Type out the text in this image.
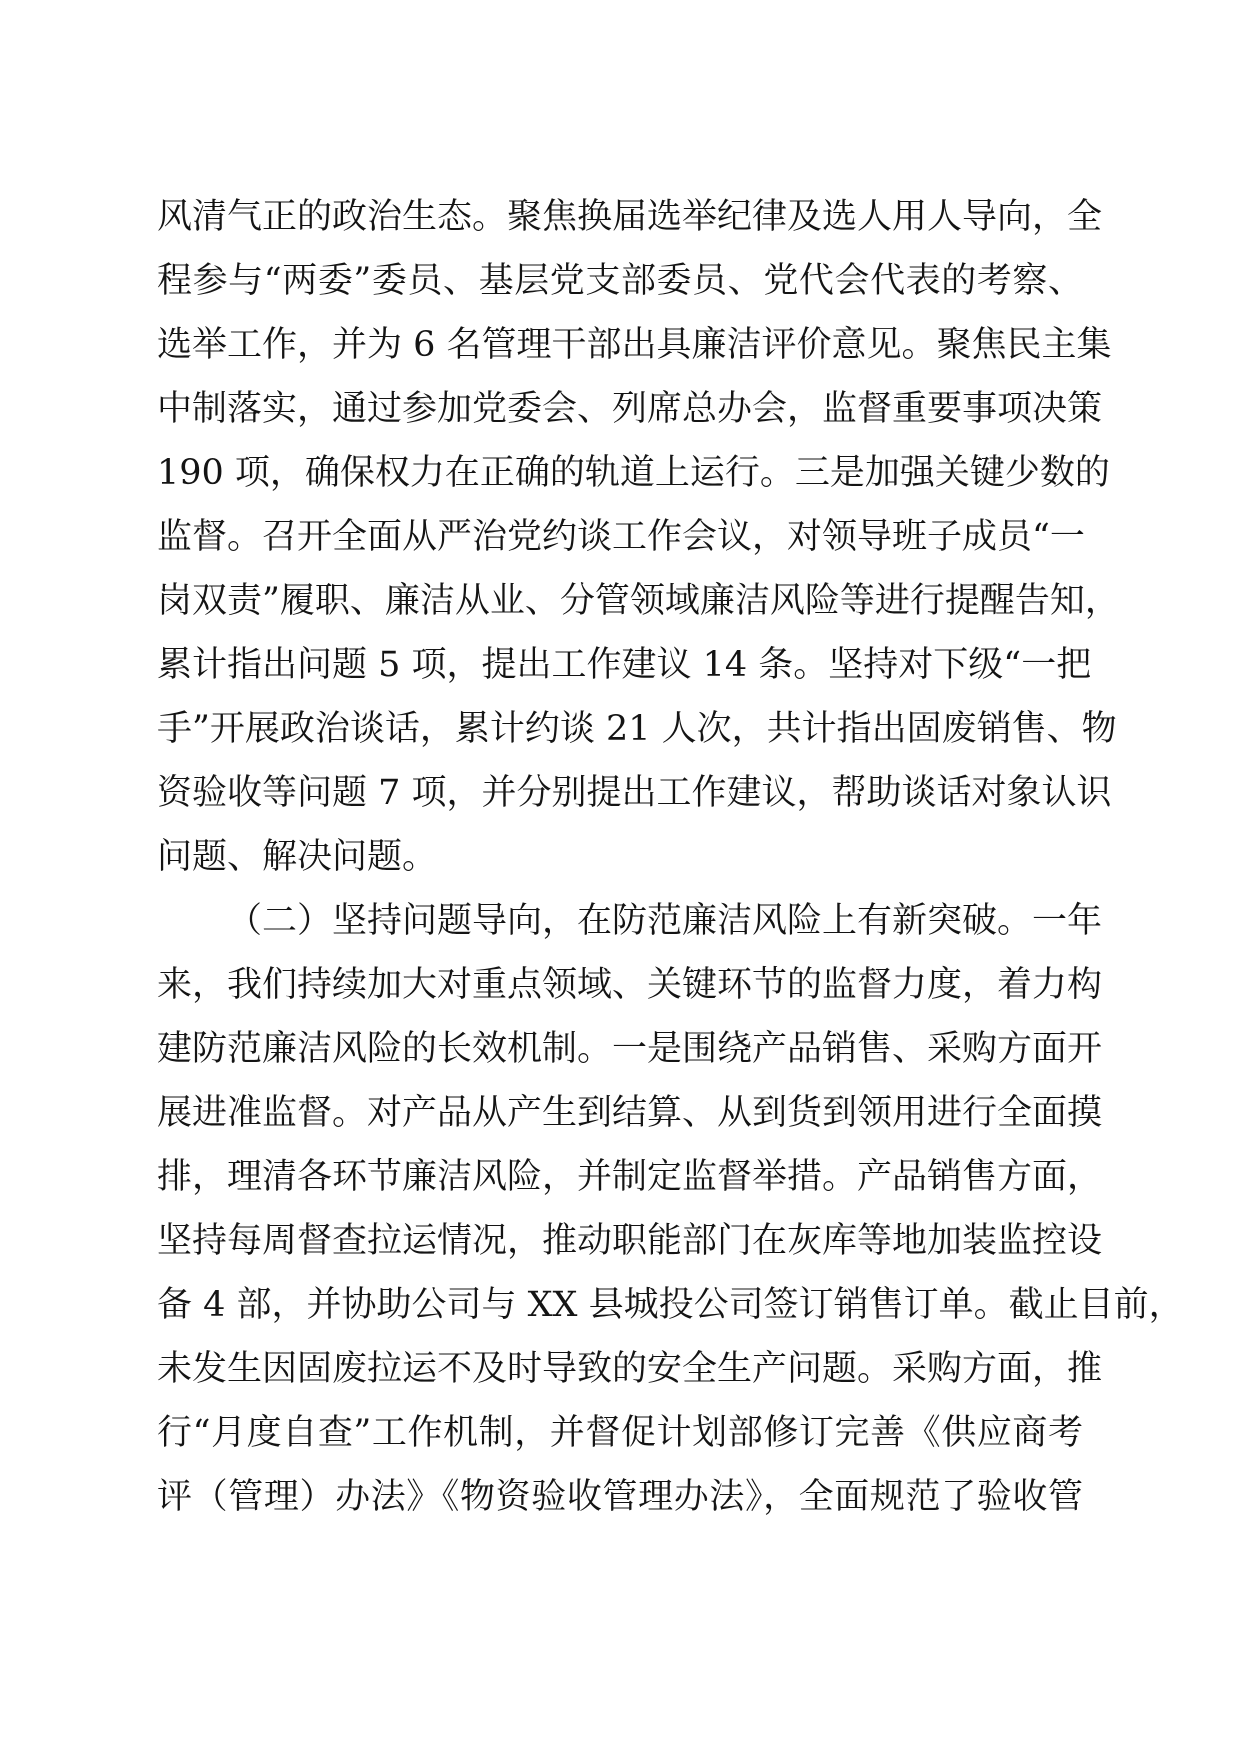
风清气正的政治生态。聚焦换届选举纪律及选人用人导向，全
程参与“两委”委员、基层党支部委员、党代会代表的考察、
选举工作，并为 6 名管理干部出具廉洁评价意见。聚焦民主集
中制落实，通过参加党委会、列席总办会，监督重要事项决策
190 项，确保权力在正确的轨道上运行。三是加强关键少数的
监督。召开全面从严治党约谈工作会议，对领导班子成员“一
岗双责”履职、廉洁从业、分管领域廉洁风险等进行提醒告知，
累计指出问题 5 项，提出工作建议 14 条。坚持对下级“一把
手”开展政治谈话，累计约谈 21 人次，共计指出固废销售、物
资验收等问题 7 项，并分别提出工作建议，帮助谈话对象认识
问题、解决问题。
（二）坚持问题导向，在防范廉洁风险上有新突破。一年
来，我们持续加大对重点领域、关键环节的监督力度，着力构
建防范廉洁风险的长效机制。一是围绕产品销售、采购方面开
展进准监督。对产品从产生到结算、从到货到领用进行全面摸
排，理清各环节廉洁风险，并制定监督举措。产品销售方面，
坚持每周督查拉运情况，推动职能部门在灰库等地加装监控设
备 4 部，并协助公司与 XX 县城投公司签订销售订单。截止目前，
未发生因固废拉运不及时导致的安全生产问题。采购方面，推
行“月度自查”工作机制，并督促计划部修订完善《供应商考
评（管理）办法》《物资验收管理办法》，全面规范了验收管
